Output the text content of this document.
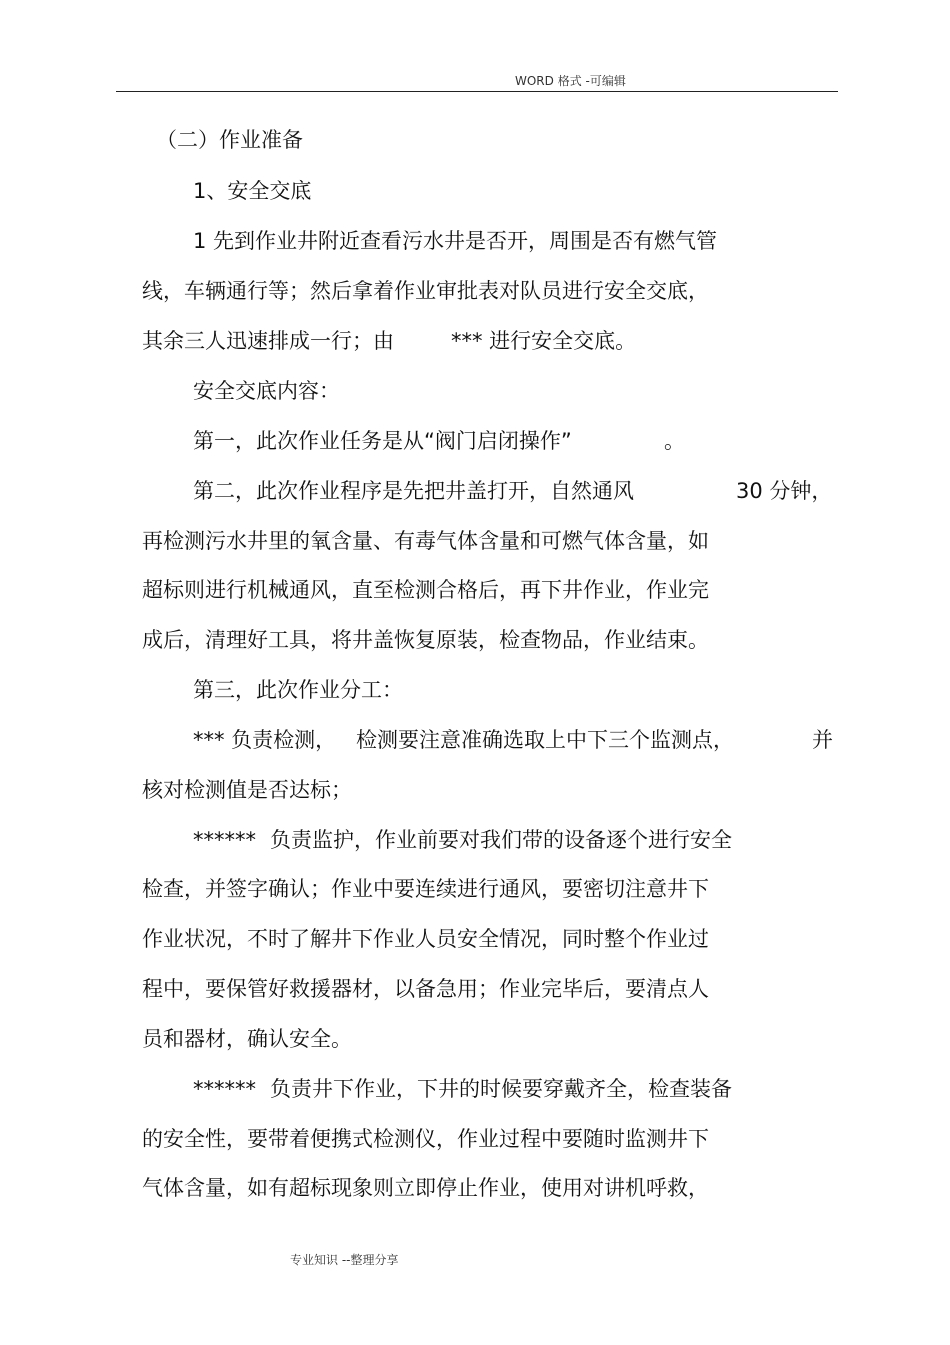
WORD 格式 -可编辑
（二）作业准备
1、安全交底
1 先到作业井附近查看污水井是否开，周围是否有燃气管
线，车辆通行等；然后拿着作业审批表对队员进行安全交底，
其余三人迅速排成一行；由	*** 进行安全交底。
安全交底内容：
第一，此次作业任务是从“阀门启闭操作”	。
第二，此次作业程序是先把井盖打开，自然通风	30 分钟，
再检测污水井里的氧含量、有毒气体含量和可燃气体含量，如
超标则进行机械通风，直至检测合格后，再下井作业，作业完
成后，清理好工具，将井盖恢复原装，检查物品，作业结束。
第三，此次作业分工：
*** 负责检测， 检测要注意准确选取上中下三个监测点，	并
核对检测值是否达标；
****** 负责监护，作业前要对我们带的设备逐个进行安全
检查，并签字确认；作业中要连续进行通风，要密切注意井下
作业状况，不时了解井下作业人员安全情况，同时整个作业过
程中，要保管好救援器材，以备急用；作业完毕后，要清点人
员和器材，确认安全。
****** 负责井下作业，下井的时候要穿戴齐全，检查装备
的安全性，要带着便携式检测仪，作业过程中要随时监测井下
气体含量，如有超标现象则立即停止作业，使用对讲机呼救，
专业知识 --整理分享
